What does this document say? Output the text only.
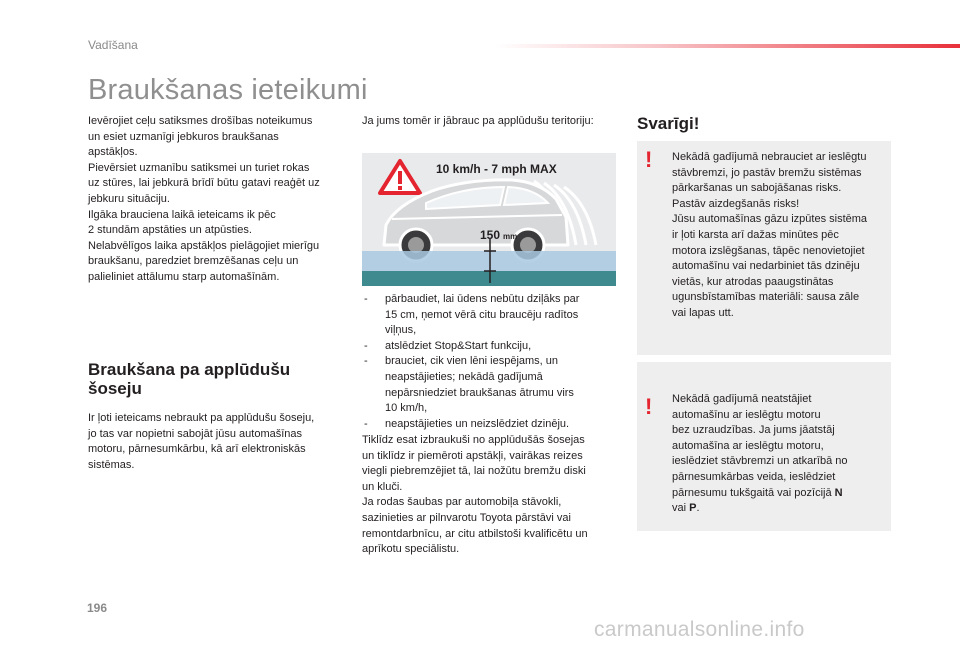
Vadīšana
Braukšanas ieteikumi
Ievērojiet ceļu satiksmes drošības noteikumus
un esiet uzmanīgi jebkuros braukšanas
apstākļos.
Pievērsiet uzmanību satiksmei un turiet rokas
uz stūres, lai jebkurā brīdī būtu gatavi reaģēt uz
jebkuru situāciju.
Ilgāka brauciena laikā ieteicams ik pēc
2 stundām apstāties un atpūsties.
Nelabvēlīgos laika apstākļos pielāgojiet mierīgu
braukšanu, paredziet bremzēšanas ceļu un
palieliniet attālumu starp automašīnām.
Braukšana pa applūdušu
šoseju
Ir ļoti ieteicams nebraukt pa applūdušu šoseju,
jo tas var nopietni sabojāt jūsu automašīnas
motoru, pārnesumkārbu, kā arī elektroniskās
sistēmas.
Ja jums tomēr ir jābrauc pa applūdušu teritoriju:
10 km/h - 7 mph MAX
150 mm
- pārbaudiet, lai ūdens nebūtu dziļāks par
15 cm, ņemot vērā citu braucēju radītos
viļņus,
- atslēdziet Stop&Start funkciju,
- brauciet, cik vien lēni iespējams, un
neapstājieties; nekādā gadījumā
nepārsniedziet braukšanas ātrumu virs
10 km/h,
- neapstājieties un neizslēdziet dzinēju.
Tiklīdz esat izbraukuši no applūdušās šosejas
un tiklīdz ir piemēroti apstākļi, vairākas reizes
viegli piebremzējiet tā, lai nožūtu bremžu diski
un kluči.
Ja rodas šaubas par automobiļa stāvokli,
sazinieties ar pilnvarotu Toyota pārstāvi vai
remontdarbnīcu, ar citu atbilstoši kvalificētu un
aprīkotu speciālistu.
Svarīgi!
! Nekādā gadījumā nebrauciet ar ieslēgtu
stāvbremzi, jo pastāv bremžu sistēmas
pārkaršanas un sabojāšanas risks.
Pastāv aizdegšanās risks!
Jūsu automašīnas gāzu izpūtes sistēma
ir ļoti karsta arī dažas minūtes pēc
motora izslēgšanas, tāpēc nenovietojiet
automašīnu vai nedarbiniet tās dzinēju
vietās, kur atrodas paaugstinātas
ugunsbīstamības materiāli: sausa zāle
vai lapas utt.
! Nekādā gadījumā neatstājiet
automašīnu ar ieslēgtu motoru
bez uzraudzības. Ja jums jāatstāj
automašīna ar ieslēgtu motoru,
ieslēdziet stāvbremzi un atkarībā no
pārnesumkārbas veida, ieslēdziet
pārnesumu tukšgaitā vai pozīcijā N
vai P.
196
carmanualsonline.info
